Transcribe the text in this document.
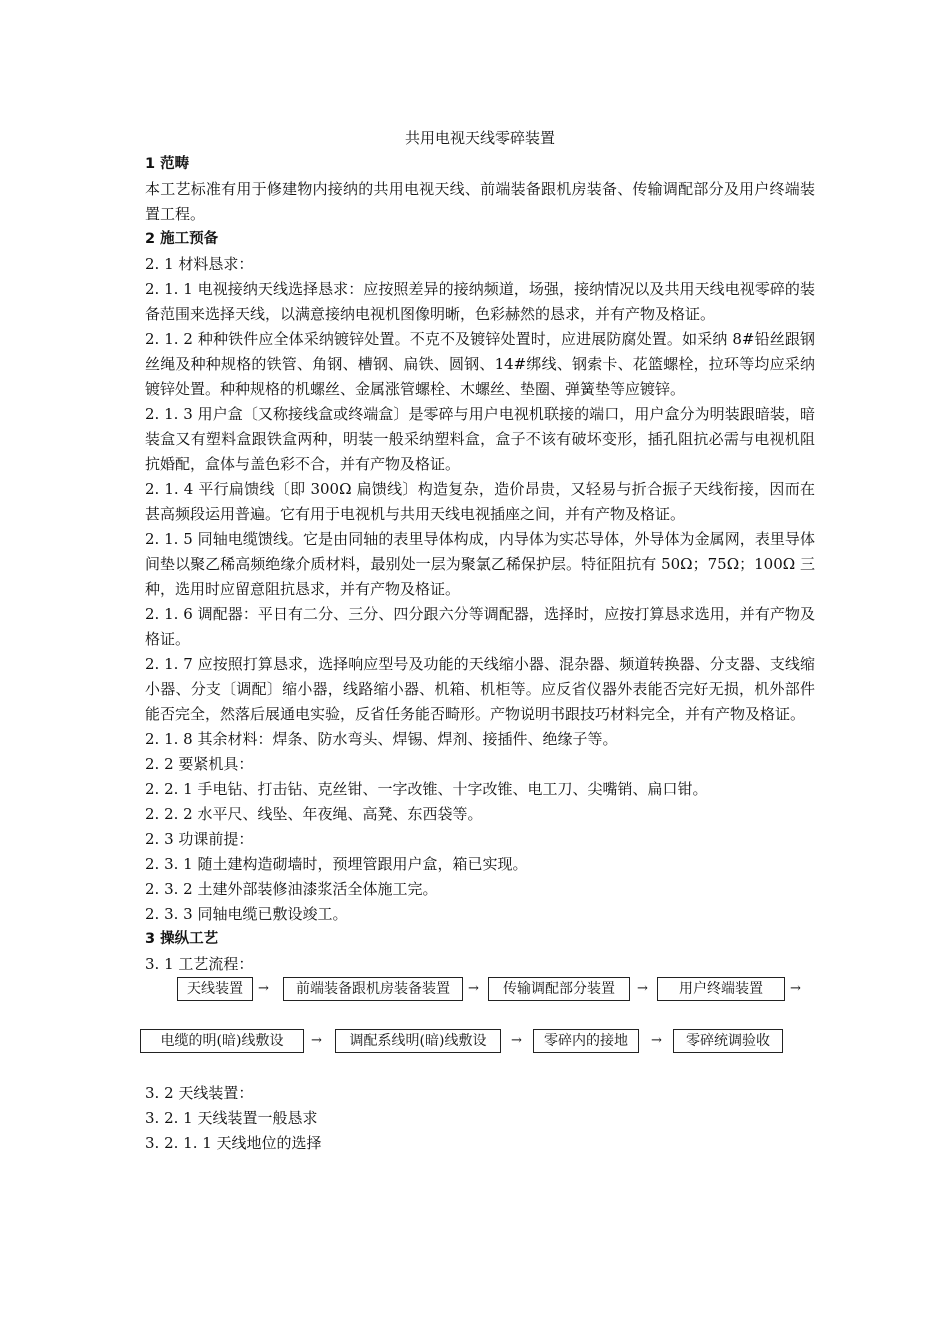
共用电视天线零碎装置

1 范畴

本工艺标准有用于修建物内接纳的共用电视天线、前端装备跟机房装备、传输调配部分及用户终端装置工程。

2 施工预备

2. 1 材料恳求：

2. 1. 1 电视接纳天线选择恳求：应按照差异的接纳频道，场强，接纳情况以及共用天线电视零碎的装备范围来选择天线，以满意接纳电视机图像明晰，色彩赫然的恳求，并有产物及格证。

2. 1. 2 种种铁件应全体采纳镀锌处置。不克不及镀锌处置时，应进展防腐处置。如采纳 8#铅丝跟钢丝绳及种种规格的铁管、角钢、槽钢、扁铁、圆钢、14#绑线、钢索卡、花篮螺栓，拉环等均应采纳镀锌处置。种种规格的机螺丝、金属涨管螺栓、木螺丝、垫圈、弹簧垫等应镀锌。

2. 1. 3 用户盒〔又称接线盒或终端盒〕是零碎与用户电视机联接的端口，用户盒分为明装跟暗装，暗装盒又有塑料盒跟铁盒两种，明装一般采纳塑料盒，盒子不该有破坏变形，插孔阻抗必需与电视机阻抗婚配，盒体与盖色彩不合，并有产物及格证。

2. 1. 4 平行扁馈线〔即 300Ω 扁馈线〕构造复杂，造价昂贵，又轻易与折合振子天线衔接，因而在甚高频段运用普遍。它有用于电视机与共用天线电视插座之间，并有产物及格证。

2. 1. 5 同轴电缆馈线。它是由同轴的表里导体构成，内导体为实芯导体，外导体为金属网，表里导体间垫以聚乙稀高频绝缘介质材料，最别处一层为聚氯乙稀保护层。特征阻抗有 50Ω；75Ω；100Ω 三种，选用时应留意阻抗恳求，并有产物及格证。

2. 1. 6 调配器：平日有二分、三分、四分跟六分等调配器，选择时，应按打算恳求选用，并有产物及格证。

2. 1. 7 应按照打算恳求，选择响应型号及功能的天线缩小器、混杂器、频道转换器、分支器、支线缩小器、分支〔调配〕缩小器，线路缩小器、机箱、机柜等。应反省仪器外表能否完好无损，机外部件能否完全，然落后展通电实验，反省任务能否畸形。产物说明书跟技巧材料完全，并有产物及格证。

2. 1. 8 其余材料：焊条、防水弯头、焊锡、焊剂、接插件、绝缘子等。

2. 2 要紧机具：

2. 2. 1 手电钻、打击钻、克丝钳、一字改锥、十字改锥、电工刀、尖嘴销、扁口钳。

2. 2. 2 水平尺、线坠、年夜绳、高凳、东西袋等。

2. 3 功课前提：

2. 3. 1 随土建构造砌墙时，预埋管跟用户盒，箱已实现。

2. 3. 2 土建外部装修油漆浆活全体施工完。

2. 3. 3 同轴电缆已敷设竣工。

3 操纵工艺

3. 1 工艺流程：

天线装置	→	前端装备跟机房装备装置	→	传输调配部分装置	→	用户终端装置	→
电缆的明(暗)线敷设	→	调配系线明(暗)线敷设	→	零碎内的接地	→	零碎统调验收

3. 2 天线装置：

3. 2. 1 天线装置一般恳求

3. 2. 1. 1 天线地位的选择
